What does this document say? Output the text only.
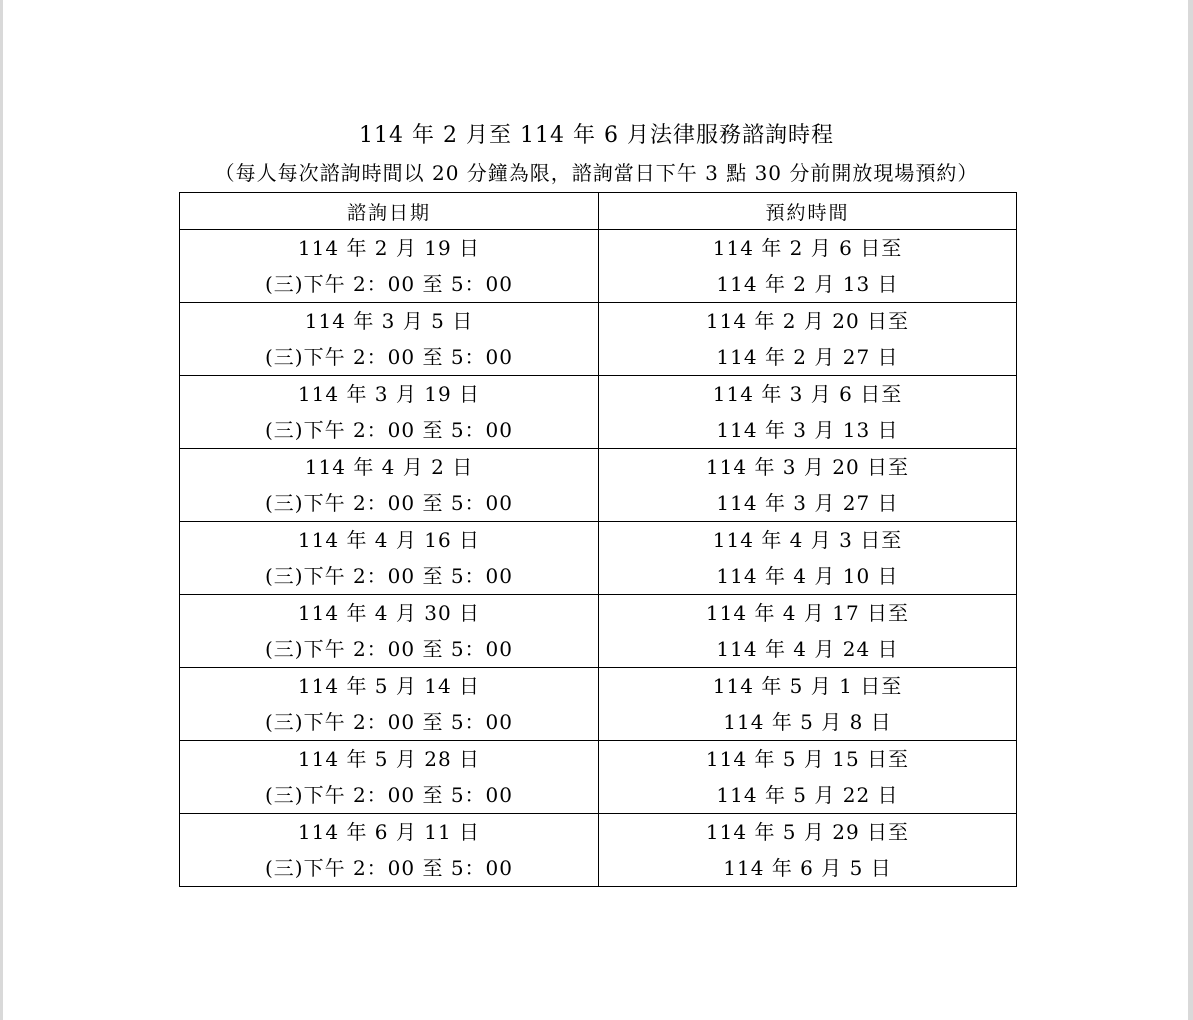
114 年 2 月至 114 年 6 月法律服務諮詢時程
（每人每次諮詢時間以 20 分鐘為限，諮詢當日下午 3 點 30 分前開放現場預約）
諮詢日期	預約時間

114 年 2 月 19 日
(三)下午 2：00 至 5：00	114 年 2 月 6 日至
114 年 2 月 13 日

114 年 3 月 5 日
(三)下午 2：00 至 5：00	114 年 2 月 20 日至
114 年 2 月 27 日

114 年 3 月 19 日
(三)下午 2：00 至 5：00	114 年 3 月 6 日至
114 年 3 月 13 日

114 年 4 月 2 日
(三)下午 2：00 至 5：00	114 年 3 月 20 日至
114 年 3 月 27 日

114 年 4 月 16 日
(三)下午 2：00 至 5：00	114 年 4 月 3 日至
114 年 4 月 10 日

114 年 4 月 30 日
(三)下午 2：00 至 5：00	114 年 4 月 17 日至
114 年 4 月 24 日

114 年 5 月 14 日
(三)下午 2：00 至 5：00	114 年 5 月 1 日至
114 年 5 月 8 日

114 年 5 月 28 日
(三)下午 2：00 至 5：00	114 年 5 月 15 日至
114 年 5 月 22 日

114 年 6 月 11 日
(三)下午 2：00 至 5：00	114 年 5 月 29 日至
114 年 6 月 5 日
